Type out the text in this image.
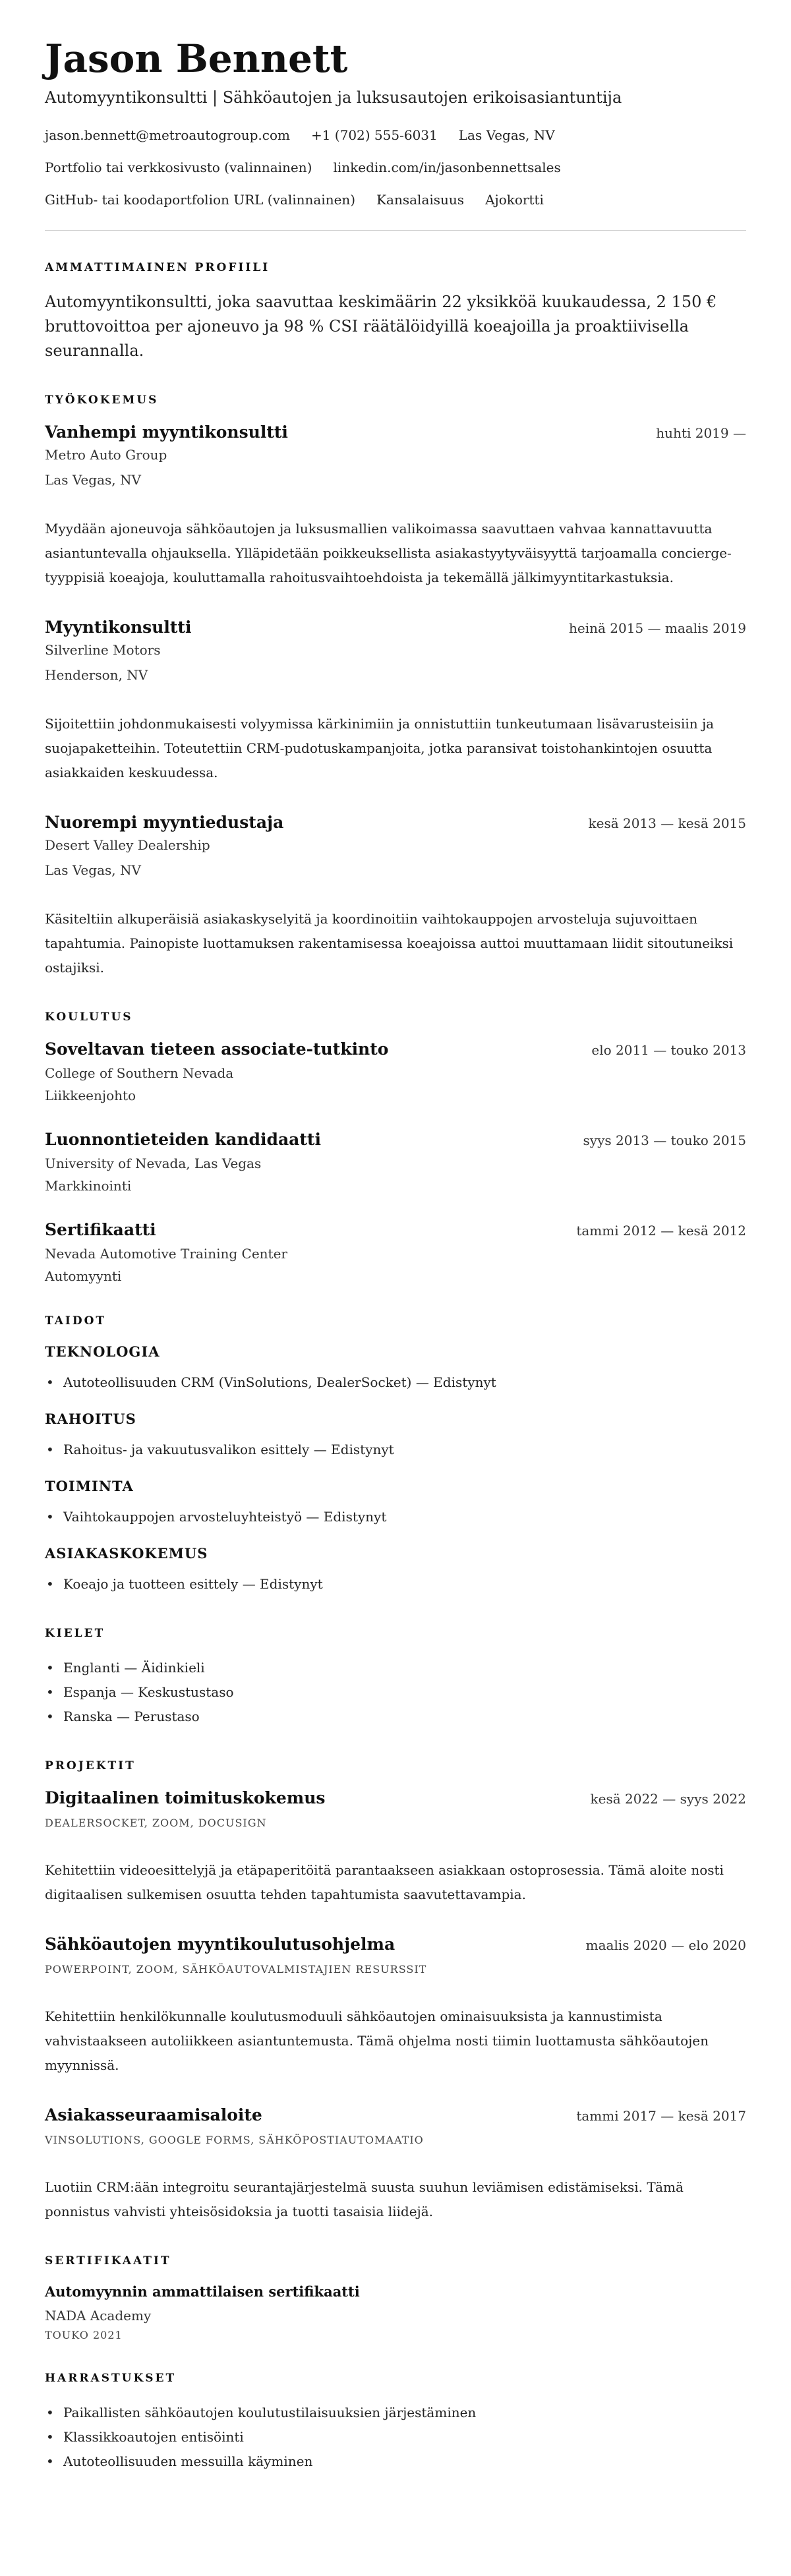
Jason Bennett
Automyyntikonsultti | Sähköautojen ja luksusautojen erikoisasiantuntija
jason.bennett@metroautogroup.com +1 (702) 555-6031 Las Vegas, NV
Portfolio tai verkkosivusto (valinnainen) linkedin.com/in/jasonbennettsales
GitHub- tai koodaportfolion URL (valinnainen) Kansalaisuus Ajokortti
AMMATTIMAINEN PROFIILI

Automyyntikonsultti, joka saavuttaa keskimäärin 22 yksikköä kuukaudessa, 2 150 € bruttovoittoa per ajoneuvo ja 98 % CSI räätälöidyillä koeajoilla ja proaktiivisella seurannalla.

TYÖKOKEMUS
Vanhempi myyntikonsultti	huhti 2019 —
Metro Auto Group
Las Vegas, NV

Myydään ajoneuvoja sähköautojen ja luksusmallien valikoimassa saavuttaen vahvaa kannattavuutta asiantuntevalla ohjauksella. Ylläpidetään poikkeuksellista asiakastyytyväisyyttä tarjoamalla concierge-tyyppisiä koeajoja, kouluttamalla rahoitusvaihtoehdoista ja tekemällä jälkimyyntitarkastuksia.

Myyntikonsultti	heinä 2015 — maalis 2019
Silverline Motors
Henderson, NV

Sijoitettiin johdonmukaisesti volyymissa kärkinimiin ja onnistuttiin tunkeutumaan lisävarusteisiin ja suojapaketteihin. Toteutettiin CRM-pudotuskampanjoita, jotka paransivat toistohankintojen osuutta asiakkaiden keskuudessa.

Nuorempi myyntiedustaja	kesä 2013 — kesä 2015
Desert Valley Dealership
Las Vegas, NV

Käsiteltiin alkuperäisiä asiakaskyselyitä ja koordinoitiin vaihtokauppojen arvosteluja sujuvoittaen tapahtumia. Painopiste luottamuksen rakentamisessa koeajoissa auttoi muuttamaan liidit sitoutuneiksi ostajiksi.

KOULUTUS
Soveltavan tieteen associate-tutkinto	elo 2011 — touko 2013
College of Southern Nevada
Liikkeenjohto
Luonnontieteiden kandidaatti	syys 2013 — touko 2015
University of Nevada, Las Vegas
Markkinointi
Sertifikaatti	tammi 2012 — kesä 2012
Nevada Automotive Training Center
Automyynti
TAIDOT
TEKNOLOGIA
• Autoteollisuuden CRM (VinSolutions, DealerSocket) — Edistynyt
RAHOITUS
• Rahoitus- ja vakuutusvalikon esittely — Edistynyt
TOIMINTA
• Vaihtokauppojen arvosteluyhteistyö — Edistynyt
ASIAKASKOKEMUS
• Koeajo ja tuotteen esittely — Edistynyt
KIELET
• Englanti — Äidinkieli
• Espanja — Keskustustaso
• Ranska — Perustaso
PROJEKTIT
Digitaalinen toimituskokemus	kesä 2022 — syys 2022
DEALERSOCKET, ZOOM, DOCUSIGN

Kehitettiin videoesittelyjä ja etäpaperitöitä parantaakseen asiakkaan ostoprosessia. Tämä aloite nosti digitaalisen sulkemisen osuutta tehden tapahtumista saavutettavampia.

Sähköautojen myyntikoulutusohjelma	maalis 2020 — elo 2020
POWERPOINT, ZOOM, SÄHKÖAUTOVALMISTAJIEN RESURSSIT

Kehitettiin henkilökunnalle koulutusmoduuli sähköautojen ominaisuuksista ja kannustimista vahvistaakseen autoliikkeen asiantuntemusta. Tämä ohjelma nosti tiimin luottamusta sähköautojen myynnissä.

Asiakasseuraamisaloite	tammi 2017 — kesä 2017
VINSOLUTIONS, GOOGLE FORMS, SÄHKÖPOSTIAUTOMAATIO

Luotiin CRM:ään integroitu seurantajärjestelmä suusta suuhun leviämisen edistämiseksi. Tämä ponnistus vahvisti yhteisösidoksia ja tuotti tasaisia liidejä.

SERTIFIKAATIT
Automyynnin ammattilaisen sertifikaatti
NADA Academy
TOUKO 2021
HARRASTUKSET
• Paikallisten sähköautojen koulutustilaisuuksien järjestäminen
• Klassikkoautojen entisöinti
• Autoteollisuuden messuilla käyminen
